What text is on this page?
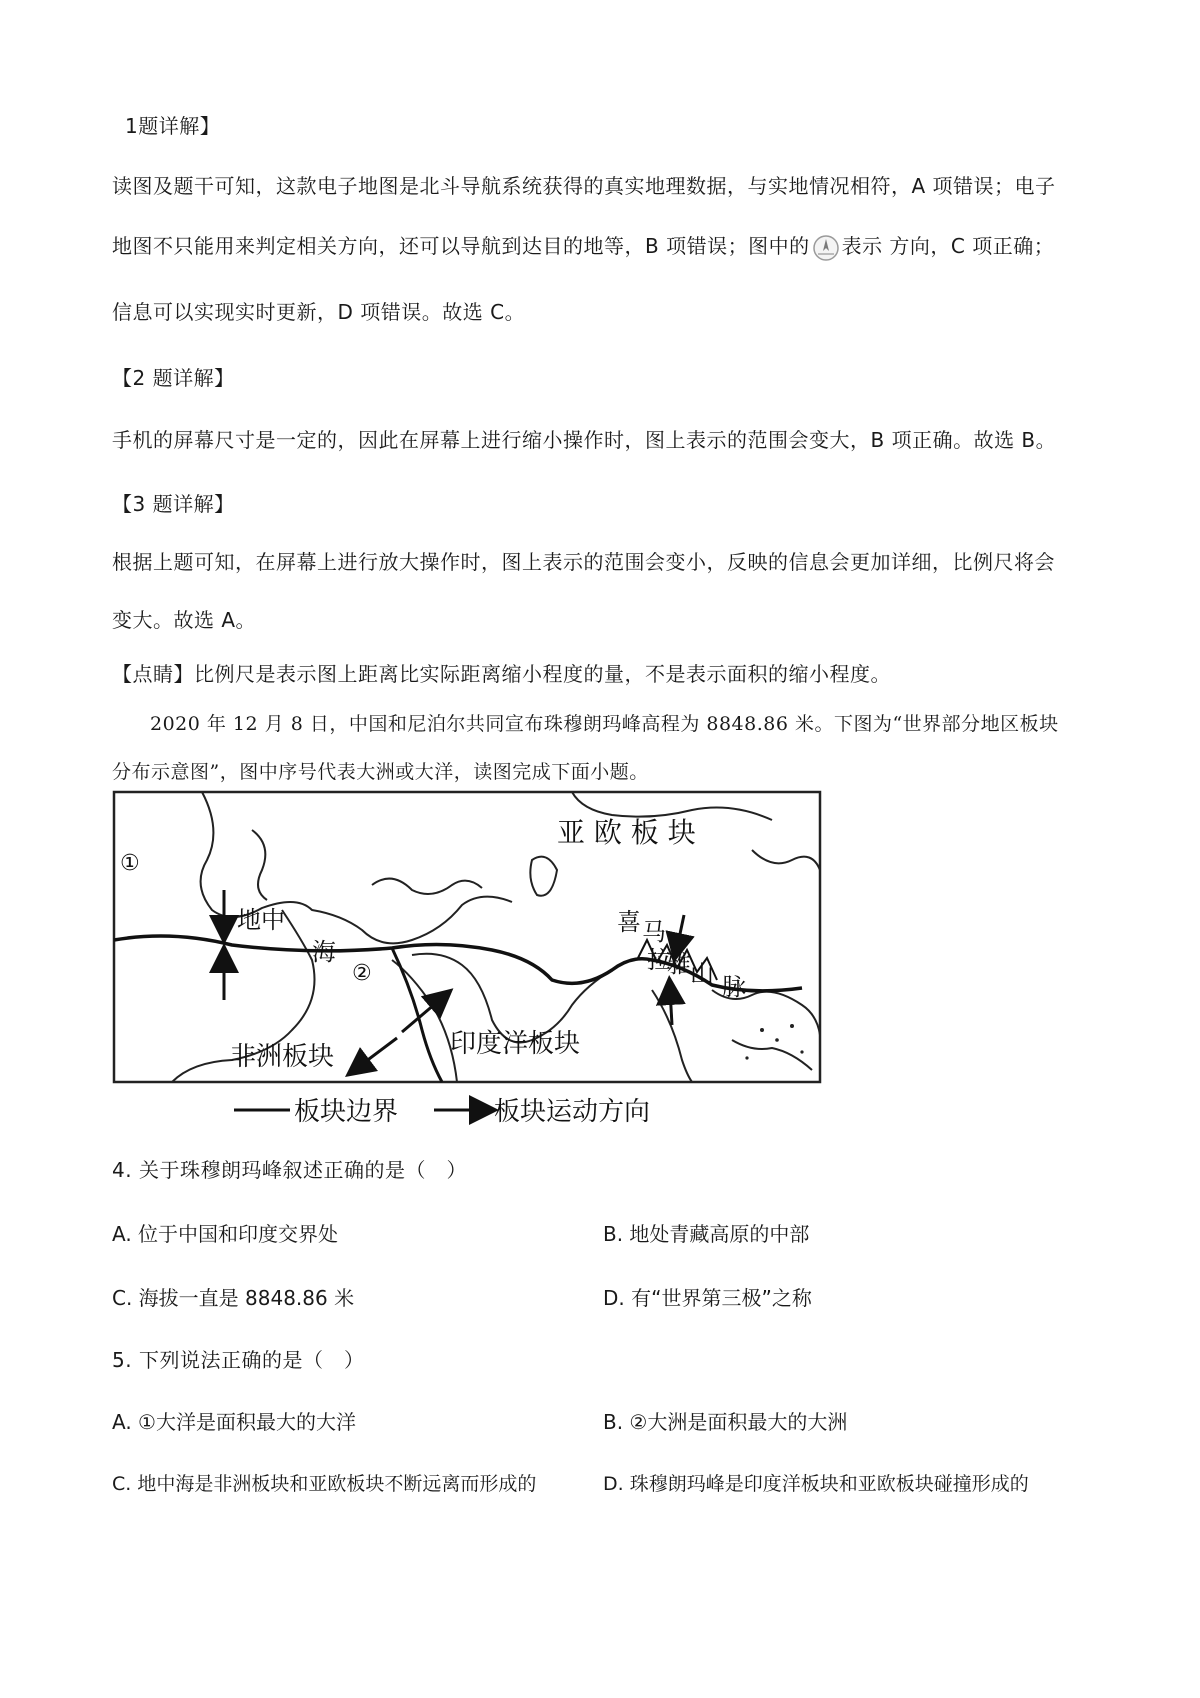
1题详解】
读图及题干可知，这款电子地图是北斗导航系统获得的真实地理数据，与实地情况相符，A 项错误；电子
地图不只能用来判定相关方向，还可以导航到达目的地等，B 项错误；图中的 表示 方向，C 项正确；
信息可以实现实时更新，D 项错误。故选 C。
【2 题详解】
手机的屏幕尺寸是一定的，因此在屏幕上进行缩小操作时，图上表示的范围会变大，B 项正确。故选 B。
【3 题详解】
根据上题可知，在屏幕上进行放大操作时，图上表示的范围会变小，反映的信息会更加详细，比例尺将会
变大。故选 A。
【点睛】比例尺是表示图上距离比实际距离缩小程度的量，不是表示面积的缩小程度。
2020 年 12 月 8 日，中国和尼泊尔共同宣布珠穆朗玛峰高程为 8848.86 米。下图为“世界部分地区板块
分布示意图”，图中序号代表大洲或大洋，读图完成下面小题。
亚 欧 板 块
①
②
地中
海
喜 马
拉
雅 山 脉
非洲板块	印度洋板块
板块边界	板块运动方向
4. 关于珠穆朗玛峰叙述正确的是（　）
A. 位于中国和印度交界处	B. 地处青藏高原的中部
C. 海拔一直是 8848.86 米	D. 有“世界第三极”之称
5. 下列说法正确的是（　）
A. ①大洋是面积最大的大洋	B. ②大洲是面积最大的大洲
C. 地中海是非洲板块和亚欧板块不断远离而形成的	D. 珠穆朗玛峰是印度洋板块和亚欧板块碰撞形成的
